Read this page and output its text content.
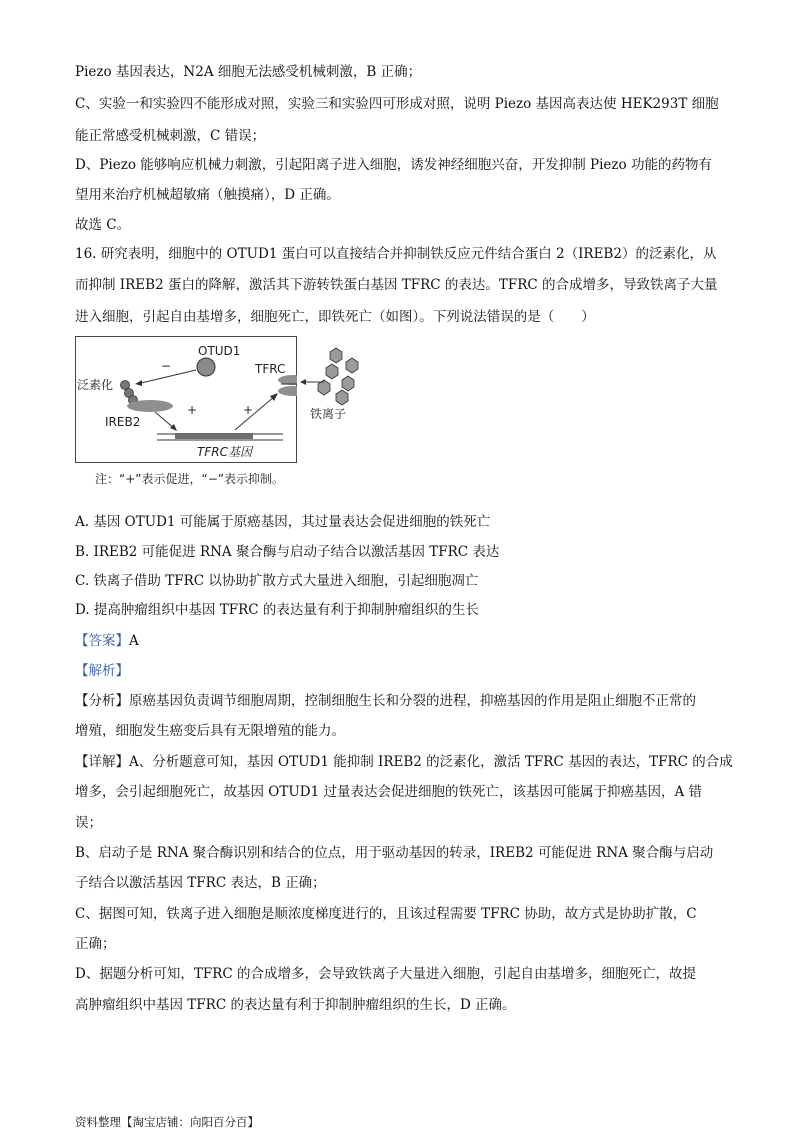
Piezo 基因表达，N2A 细胞无法感受机械刺激，B 正确；
C、实验一和实验四不能形成对照，实验三和实验四可形成对照，说明 Piezo 基因高表达使 HEK293T 细胞
能正常感受机械刺激，C 错误；
D、Piezo 能够响应机械力刺激，引起阳离子进入细胞，诱发神经细胞兴奋，开发抑制 Piezo 功能的药物有
望用来治疗机械超敏痛（触摸痛），D 正确。
故选 C。
16. 研究表明，细胞中的 OTUD1 蛋白可以直接结合并抑制铁反应元件结合蛋白 2（IREB2）的泛素化，从
而抑制 IREB2 蛋白的降解，激活其下游转铁蛋白基因 TFRC 的表达。TFRC 的合成增多，导致铁离子大量
进入细胞，引起自由基增多，细胞死亡，即铁死亡（如图）。下列说法错误的是（　　）
OTUD1
−
泛素化
IREB2
+
TFRC基因
+
TFRC
铁离子
注：“+”表示促进，“−”表示抑制。
A. 基因 OTUD1 可能属于原癌基因，其过量表达会促进细胞的铁死亡
B. IREB2 可能促进 RNA 聚合酶与启动子结合以激活基因 TFRC 表达
C. 铁离子借助 TFRC 以协助扩散方式大量进入细胞，引起细胞凋亡
D. 提高肿瘤组织中基因 TFRC 的表达量有利于抑制肿瘤组织的生长
【答案】A
【解析】
【分析】原癌基因负责调节细胞周期，控制细胞生长和分裂的进程，抑癌基因的作用是阻止细胞不正常的
增殖，细胞发生癌变后具有无限增殖的能力。
【详解】A、分析题意可知，基因 OTUD1 能抑制 IREB2 的泛素化，激活 TFRC 基因的表达，TFRC 的合成
增多，会引起细胞死亡，故基因 OTUD1 过量表达会促进细胞的铁死亡，该基因可能属于抑癌基因，A 错
误；
B、启动子是 RNA 聚合酶识别和结合的位点，用于驱动基因的转录，IREB2 可能促进 RNA 聚合酶与启动
子结合以激活基因 TFRC 表达，B 正确；
C、据图可知，铁离子进入细胞是顺浓度梯度进行的，且该过程需要 TFRC 协助，故方式是协助扩散，C
正确；
D、据题分析可知，TFRC 的合成增多，会导致铁离子大量进入细胞，引起自由基增多，细胞死亡，故提
高肿瘤组织中基因 TFRC 的表达量有利于抑制肿瘤组织的生长，D 正确。
资料整理【淘宝店铺：向阳百分百】
